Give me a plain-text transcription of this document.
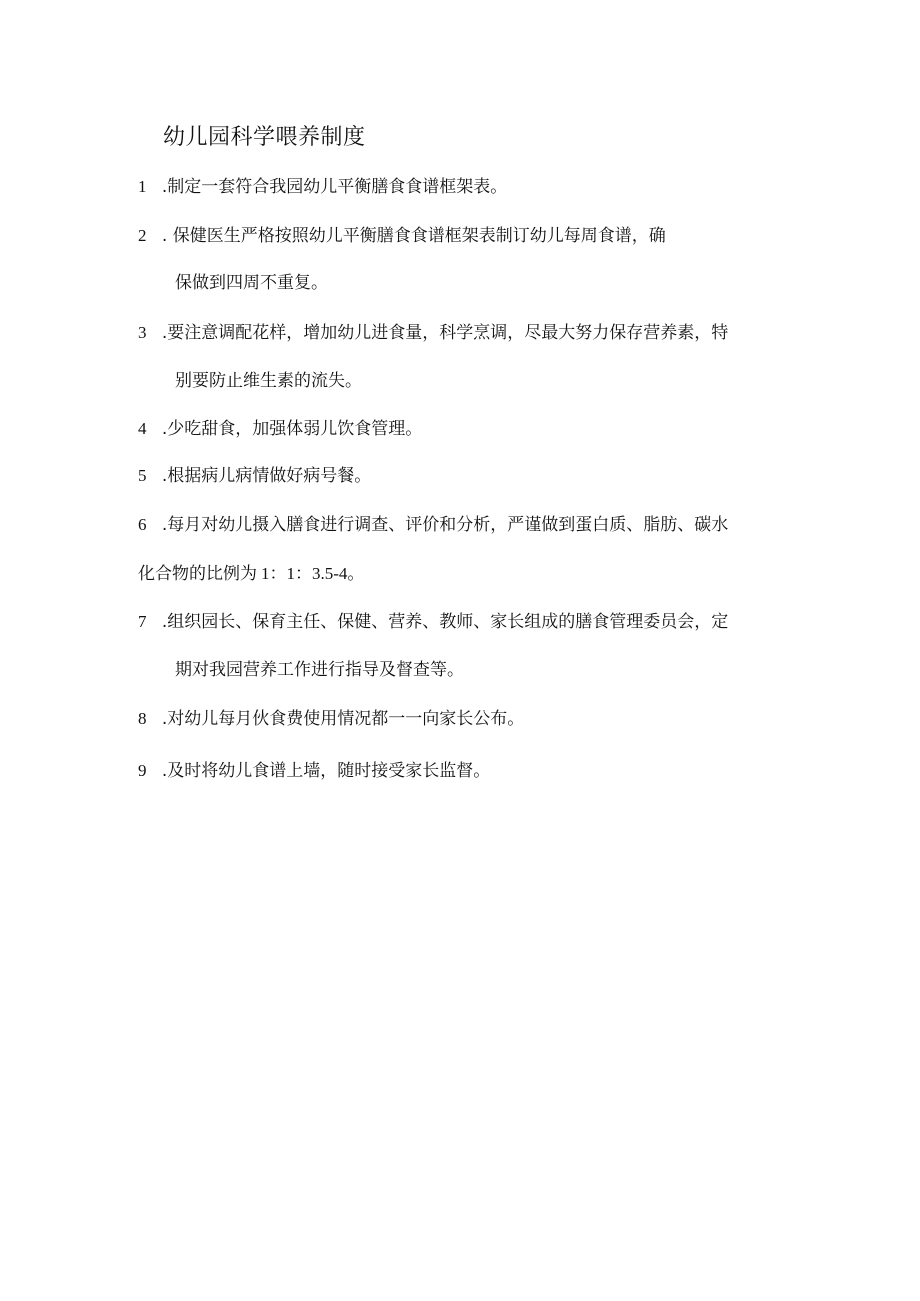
幼儿园科学喂养制度
1 .制定一套符合我园幼儿平衡膳食食谱框架表。
2 . 保健医生严格按照幼儿平衡膳食食谱框架表制订幼儿每周食谱，确
保做到四周不重复。
3 .要注意调配花样，增加幼儿进食量，科学烹调，尽最大努力保存营养素，特
别要防止维生素的流失。
4 .少吃甜食，加强体弱儿饮食管理。
5 .根据病儿病情做好病号餐。
6 .每月对幼儿摄入膳食进行调查、评价和分析，严谨做到蛋白质、脂肪、碳水
化合物的比例为 1：1：3.5-4。
7 .组织园长、保育主任、保健、营养、教师、家长组成的膳食管理委员会，定
期对我园营养工作进行指导及督查等。
8 .对幼儿每月伙食费使用情况都一一向家长公布。
9 .及时将幼儿食谱上墙，随时接受家长监督。
